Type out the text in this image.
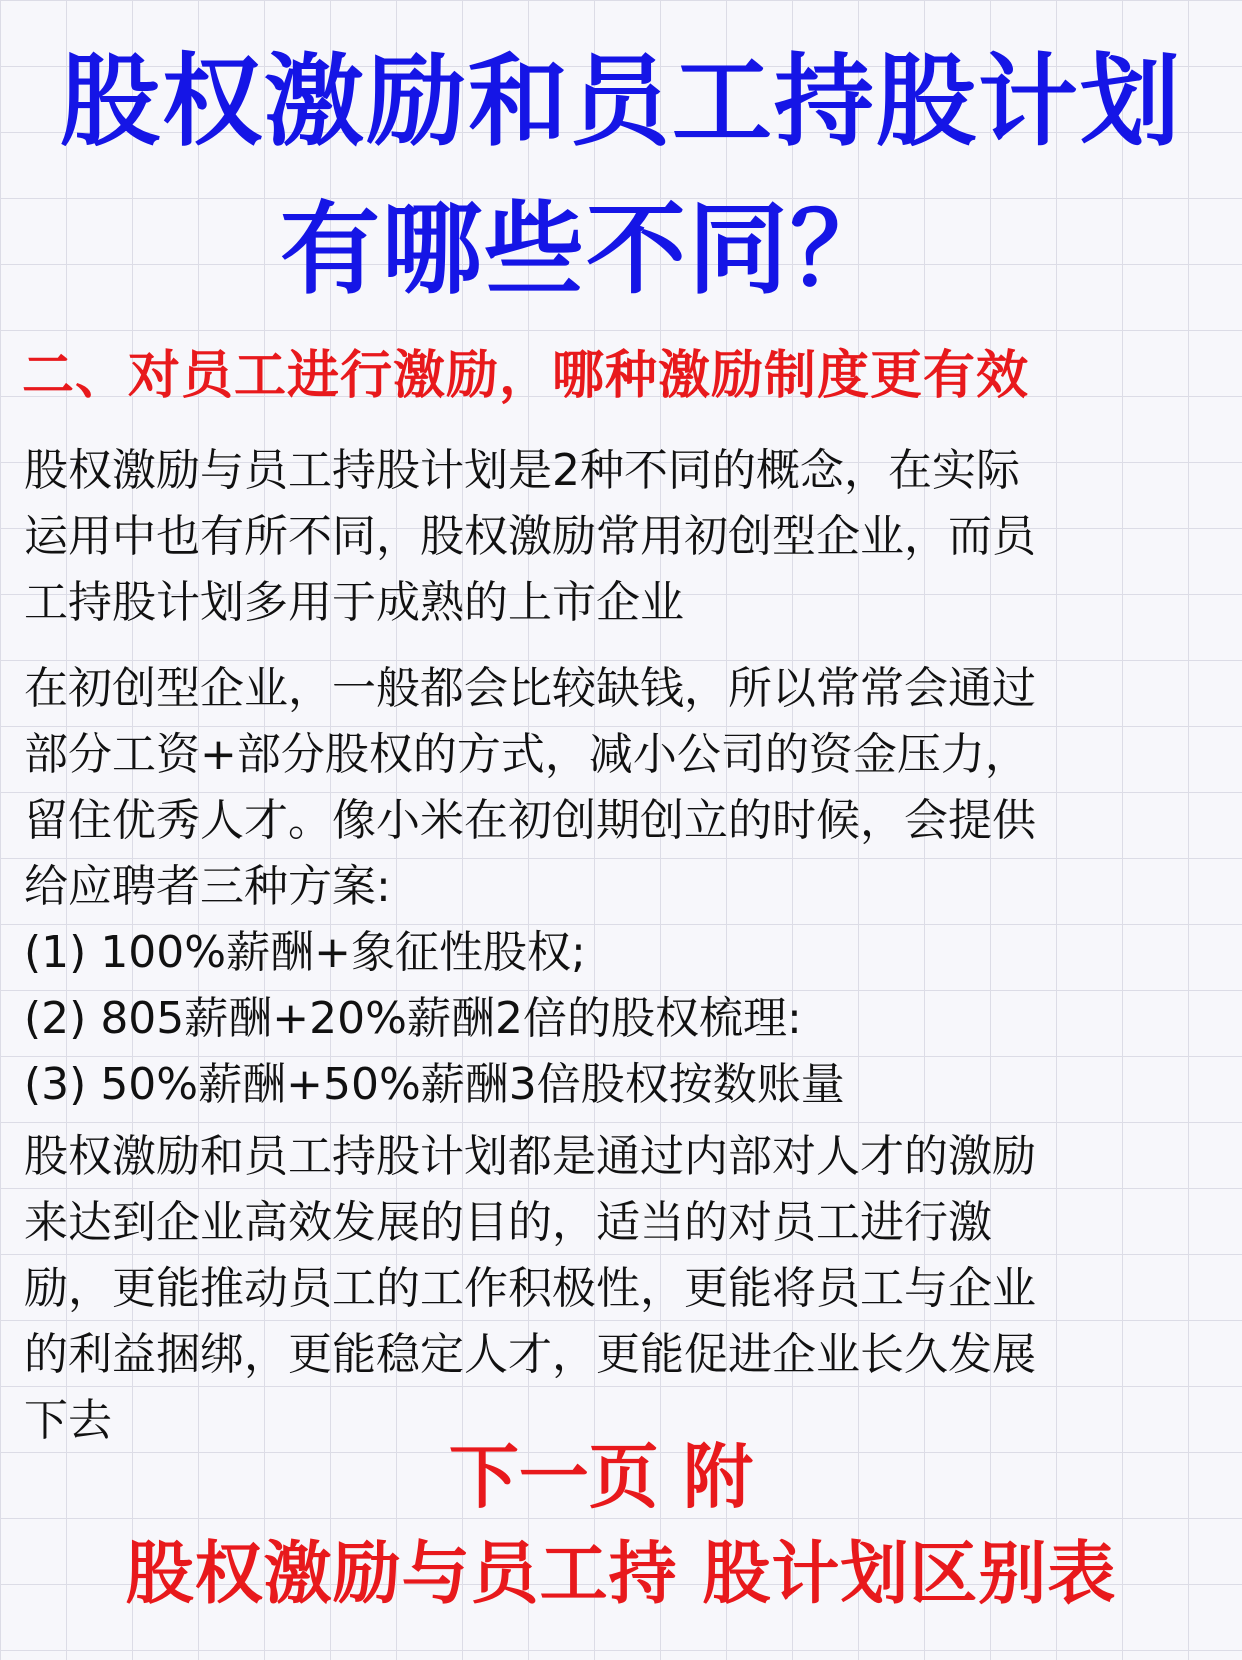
股权激励和员工持股计划
有哪些不同？
二、对员工进行激励，哪种激励制度更有效
股权激励与员工持股计划是2种不同的概念，在实际
运用中也有所不同，股权激励常用初创型企业，而员
工持股计划多用于成熟的上市企业
在初创型企业，一般都会比较缺钱，所以常常会通过
部分工资+部分股权的方式，减小公司的资金压力，
留住优秀人才。像小米在初创期创立的时候，会提供
给应聘者三种方案:
(1) 100%薪酬+象征性股权;
(2) 805薪酬+20%薪酬2倍的股权梳理:
(3) 50%薪酬+50%薪酬3倍股权按数账量
股权激励和员工持股计划都是通过内部对人才的激励
来达到企业高效发展的目的，适当的对员工进行激
励，更能推动员工的工作积极性，更能将员工与企业
的利益捆绑，更能稳定人才，更能促进企业长久发展
下去
下一页 附
股权激励与员工持 股计划区别表
